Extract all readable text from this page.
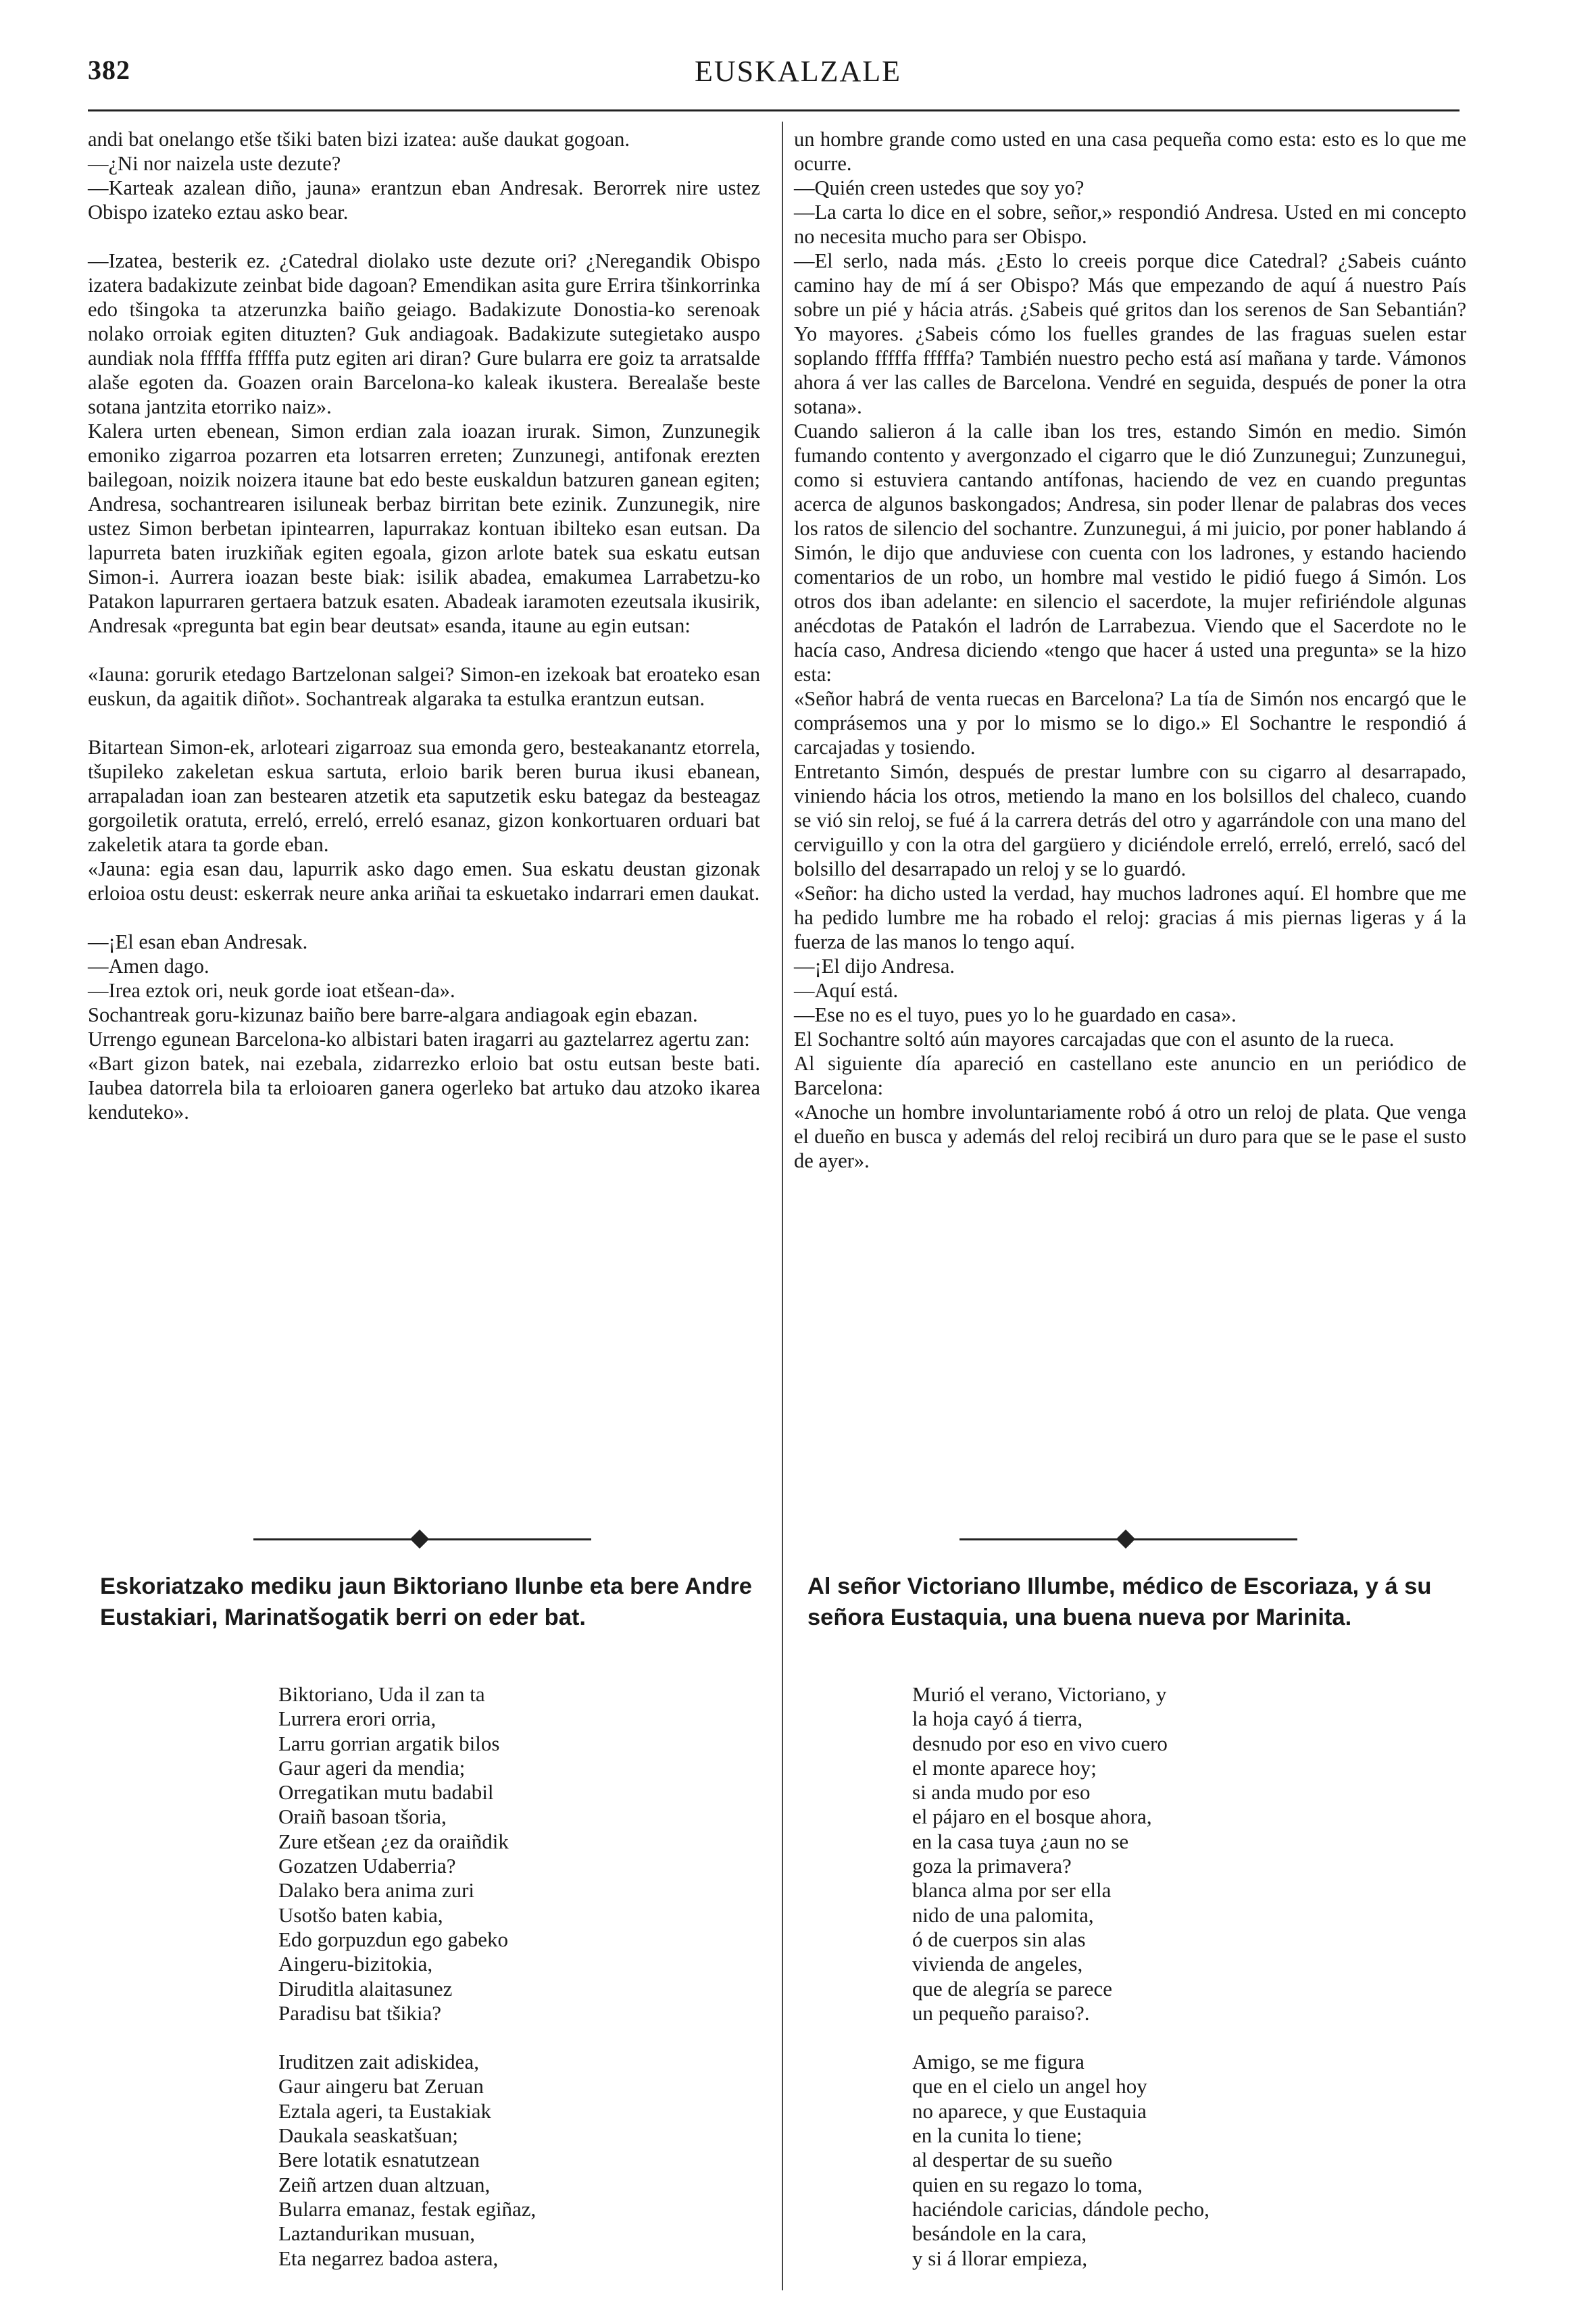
382	EUSKALZALE

andi bat onelango etše tšiki baten bizi izatea: auše daukat gogoan.

—¿Ni nor naizela uste dezute?

—Karteak azalean diño, jauna» erantzun eban Andresak. Berorrek nire ustez Obispo izateko eztau asko bear.

—Izatea, besterik ez. ¿Catedral diolako uste dezute ori? ¿Neregandik Obispo izatera badakizute zeinbat bide dagoan? Emendikan asita gure Errira tšinkorrinka edo tšingoka ta atzerunzka baiño geiago. Badakizute Donostia-ko serenoak nolako orroiak egiten dituzten? Guk andiagoak. Badakizute sutegietako auspo aundiak nola fffffa fffffa putz egiten ari diran? Gure bularra ere goiz ta arratsalde alaše egoten da. Goazen orain Barcelona-ko kaleak ikustera. Berealaše beste sotana jantzita etorriko naiz».

Kalera urten ebenean, Simon erdian zala ioazan irurak. Simon, Zunzunegik emoniko zigarroa pozarren eta lotsarren erreten; Zunzunegi, antifonak erezten bailegoan, noizik noizera itaune bat edo beste euskaldun batzuren ganean egiten; Andresa, sochantrearen isiluneak berbaz birritan bete ezinik. Zunzunegik, nire ustez Simon berbetan ipintearren, lapurrakaz kontuan ibilteko esan eutsan. Da lapurreta baten iruzkiñak egiten egoala, gizon arlote batek sua eskatu eutsan Simon-i. Aurrera ioazan beste biak: isilik abadea, emakumea Larrabetzu-ko Patakon lapurraren gertaera batzuk esaten. Abadeak iaramoten ezeutsala ikusirik, Andresak «pregunta bat egin bear deutsat» esanda, itaune au egin eutsan:

«Iauna: gorurik etedago Bartzelonan salgei? Simon-en izekoak bat eroateko esan euskun, da agaitik diñot». Sochantreak algaraka ta estulka erantzun eutsan.

Bitartean Simon-ek, arloteari zigarroaz sua emonda gero, besteakanantz etorrela, tšupileko zakeletan eskua sartuta, erloio barik beren burua ikusi ebanean, arrapaladan ioan zan bestearen atzetik eta saputzetik esku bategaz da besteagaz gorgoiletik oratuta, erreló, erreló, erreló esanaz, gizon konkortuaren orduari bat zakeletik atara ta gorde eban.

«Jauna: egia esan dau, lapurrik asko dago emen. Sua eskatu deustan gizonak erloioa ostu deust: eskerrak neure anka ariñai ta eskuetako indarrari emen daukat.

—¡El esan eban Andresak.

—Amen dago.

—Irea eztok ori, neuk gorde ioat etšean-da».

Sochantreak goru-kizunaz baiño bere barre-algara andiagoak egin ebazan.

Urrengo egunean Barcelona-ko albistari baten iragarri au gaztelarrez agertu zan:

«Bart gizon batek, nai ezebala, zidarrezko erloio bat ostu eutsan beste bati. Iaubea datorrela bila ta erloioaren ganera ogerleko bat artuko dau atzoko ikarea kenduteko».

un hombre grande como usted en una casa pequeña como esta: esto es lo que me ocurre.

—Quién creen ustedes que soy yo?

—La carta lo dice en el sobre, señor,» respondió Andresa. Usted en mi concepto no necesita mucho para ser Obispo.

—El serlo, nada más. ¿Esto lo creeis porque dice Catedral? ¿Sabeis cuánto camino hay de mí á ser Obispo? Más que empezando de aquí á nuestro País sobre un pié y hácia atrás. ¿Sabeis qué gritos dan los serenos de San Sebantián? Yo mayores. ¿Sabeis cómo los fuelles grandes de las fraguas suelen estar soplando fffffa fffffa? También nuestro pecho está así mañana y tarde. Vámonos ahora á ver las calles de Barcelona. Vendré en seguida, después de poner la otra sotana».

Cuando salieron á la calle iban los tres, estando Simón en medio. Simón fumando contento y avergonzado el cigarro que le dió Zunzunegui; Zunzunegui, como si estuviera cantando antífonas, haciendo de vez en cuando preguntas acerca de algunos baskongados; Andresa, sin poder llenar de palabras dos veces los ratos de silencio del sochantre. Zunzunegui, á mi juicio, por poner hablando á Simón, le dijo que anduviese con cuenta con los ladrones, y estando haciendo comentarios de un robo, un hombre mal vestido le pidió fuego á Simón. Los otros dos iban adelante: en silencio el sacerdote, la mujer refiriéndole algunas anécdotas de Patakón el ladrón de Larrabezua. Viendo que el Sacerdote no le hacía caso, Andresa diciendo «tengo que hacer á usted una pregunta» se la hizo esta:

«Señor habrá de venta ruecas en Barcelona? La tía de Simón nos encargó que le comprásemos una y por lo mismo se lo digo.» El Sochantre le respondió á carcajadas y tosiendo.

Entretanto Simón, después de prestar lumbre con su cigarro al desarrapado, viniendo hácia los otros, metiendo la mano en los bolsillos del chaleco, cuando se vió sin reloj, se fué á la carrera detrás del otro y agarrándole con una mano del cerviguillo y con la otra del gargüero y diciéndole erreló, erreló, erreló, sacó del bolsillo del desarrapado un reloj y se lo guardó.

«Señor: ha dicho usted la verdad, hay muchos ladrones aquí. El hombre que me ha pedido lumbre me ha robado el reloj: gracias á mis piernas ligeras y á la fuerza de las manos lo tengo aquí.

—¡El dijo Andresa.

—Aquí está.

—Ese no es el tuyo, pues yo lo he guardado en casa».

El Sochantre soltó aún mayores carcajadas que con el asunto de la rueca.

Al siguiente día apareció en castellano este anuncio en un periódico de Barcelona:

«Anoche un hombre involuntariamente robó á otro un reloj de plata. Que venga el dueño en busca y además del reloj recibirá un duro para que se le pase el susto de ayer».

Eskoriatzako mediku jaun Biktoriano Ilunbe eta bere Andre Eustakiari, Marinatšogatik berri on eder bat.
Al señor Victoriano Illumbe, médico de Escoriaza, y á su señora Eustaquia, una buena nueva por Marinita.
Biktoriano, Uda il zan ta
Lurrera erori orria,
Larru gorrian argatik bilos
Gaur ageri da mendia;
Orregatikan mutu badabil
Oraiñ basoan tšoria,
Zure etšean ¿ez da oraiñdik
Gozatzen Udaberria?
Dalako bera anima zuri
Usotšo baten kabia,
Edo gorpuzdun ego gabeko
Aingeru-bizitokia,
Diruditla alaitasunez
Paradisu bat tšikia?
Iruditzen zait adiskidea,
Gaur aingeru bat Zeruan
Eztala ageri, ta Eustakiak
Daukala seaskatšuan;
Bere lotatik esnatutzean
Zeiñ artzen duan altzuan,
Bularra emanaz, festak egiñaz,
Laztandurikan musuan,
Eta negarrez badoa astera,
Murió el verano, Victoriano, y
la hoja cayó á tierra,
desnudo por eso en vivo cuero
el monte aparece hoy;
si anda mudo por eso
el pájaro en el bosque ahora,
en la casa tuya ¿aun no se
goza la primavera?
blanca alma por ser ella
nido de una palomita,
ó de cuerpos sin alas
vivienda de angeles,
que de alegría se parece
un pequeño paraiso?.
Amigo, se me figura
que en el cielo un angel hoy
no aparece, y que Eustaquia
en la cunita lo tiene;
al despertar de su sueño
quien en su regazo lo toma,
haciéndole caricias, dándole pecho,
besándole en la cara,
y si á llorar empieza,
